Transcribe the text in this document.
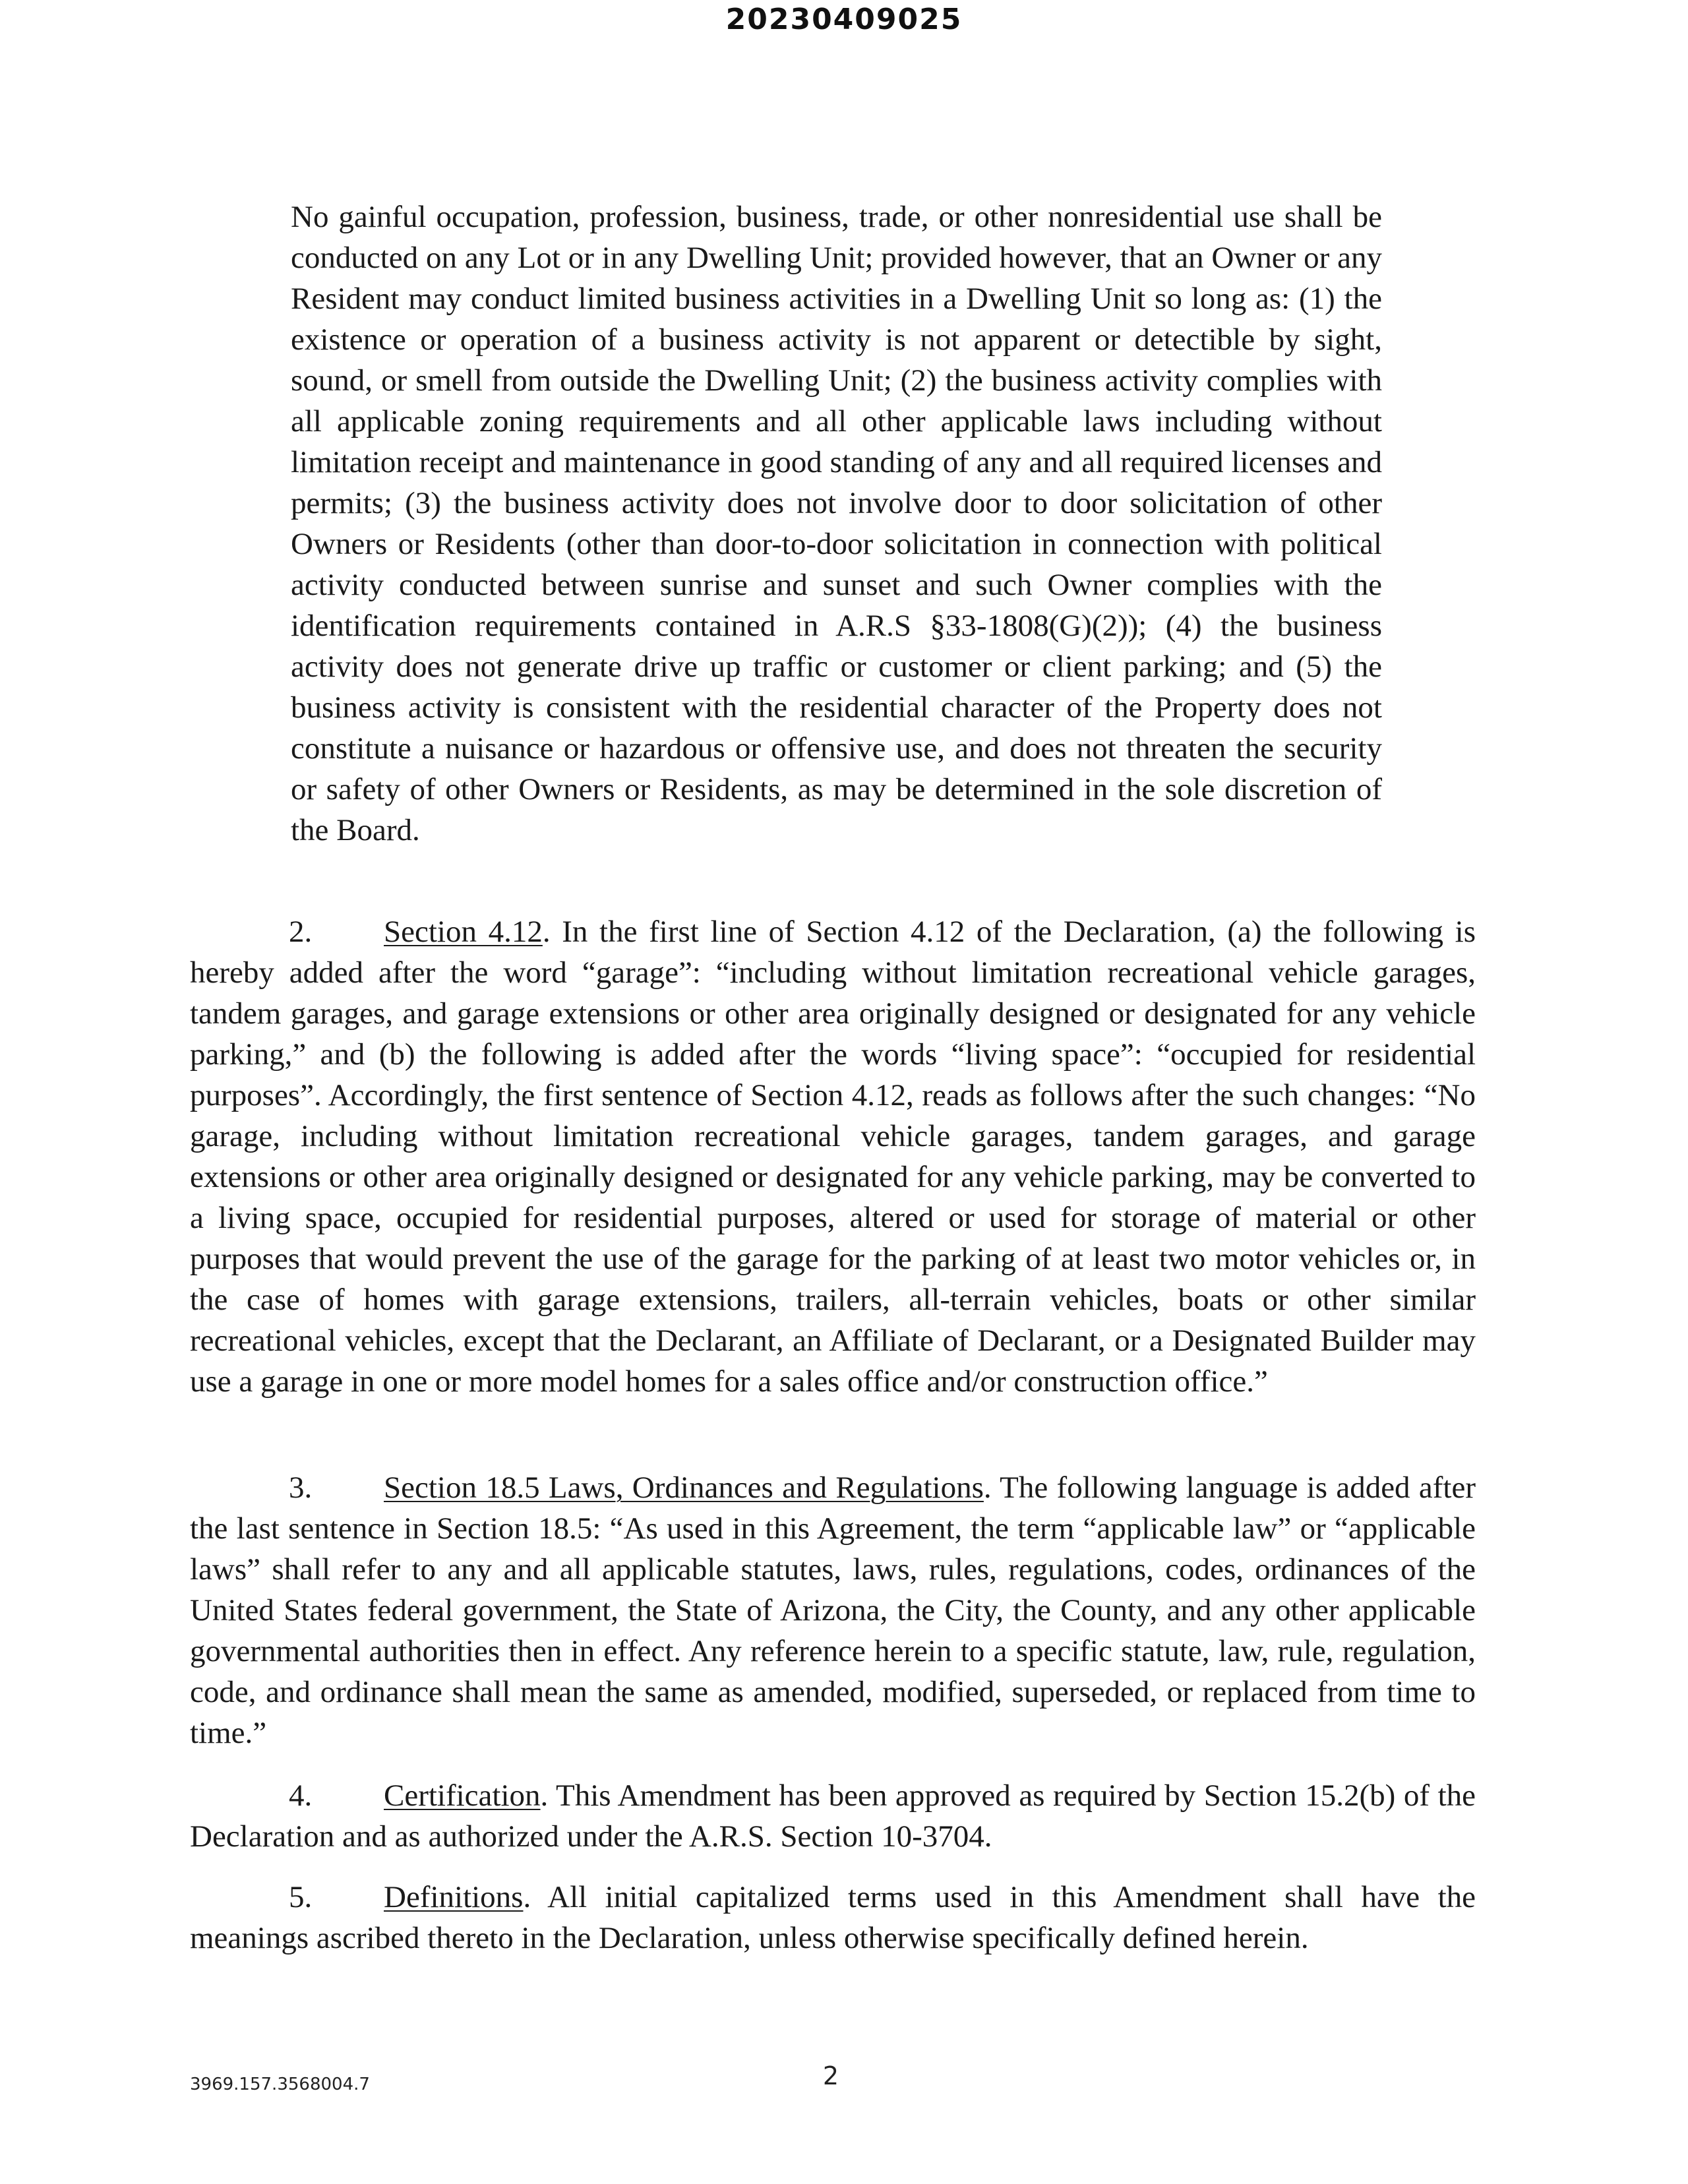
20230409025

No gainful occupation, profession, business, trade, or other nonresidential use shall be conducted on any Lot or in any Dwelling Unit; provided however, that an Owner or any Resident may conduct limited business activities in a Dwelling Unit so long as: (1) the existence or operation of a business activity is not apparent or detectible by sight, sound, or smell from outside the Dwelling Unit; (2) the business activity complies with all applicable zoning requirements and all other applicable laws including without limitation receipt and maintenance in good standing of any and all required licenses and permits; (3) the business activity does not involve door to door solicitation of other Owners or Residents (other than door-to-door solicitation in connection with political activity conducted between sunrise and sunset and such Owner complies with the identification requirements contained in A.R.S §33-1808(G)(2)); (4) the business activity does not generate drive up traffic or customer or client parking; and (5) the business activity is consistent with the residential character of the Property does not constitute a nuisance or hazardous or offensive use, and does not threaten the security or safety of other Owners or Residents, as may be determined in the sole discretion of the Board.

2. Section 4.12. In the first line of Section 4.12 of the Declaration, (a) the following is hereby added after the word “garage”: “including without limitation recreational vehicle garages, tandem garages, and garage extensions or other area originally designed or designated for any vehicle parking,” and (b) the following is added after the words “living space”: “occupied for residential purposes”. Accordingly, the first sentence of Section 4.12, reads as follows after the such changes: “No garage, including without limitation recreational vehicle garages, tandem garages, and garage extensions or other area originally designed or designated for any vehicle parking, may be converted to a living space, occupied for residential purposes, altered or used for storage of material or other purposes that would prevent the use of the garage for the parking of at least two motor vehicles or, in the case of homes with garage extensions, trailers, all-terrain vehicles, boats or other similar recreational vehicles, except that the Declarant, an Affiliate of Declarant, or a Designated Builder may use a garage in one or more model homes for a sales office and/or construction office.”

3. Section 18.5 Laws, Ordinances and Regulations. The following language is added after the last sentence in Section 18.5: “As used in this Agreement, the term “applicable law” or “applicable laws” shall refer to any and all applicable statutes, laws, rules, regulations, codes, ordinances of the United States federal government, the State of Arizona, the City, the County, and any other applicable governmental authorities then in effect. Any reference herein to a specific statute, law, rule, regulation, code, and ordinance shall mean the same as amended, modified, superseded, or replaced from time to time.”

4. Certification. This Amendment has been approved as required by Section 15.2(b) of the Declaration and as authorized under the A.R.S. Section 10-3704.

5. Definitions. All initial capitalized terms used in this Amendment shall have the meanings ascribed thereto in the Declaration, unless otherwise specifically defined herein.

3969.157.3568004.7	2
